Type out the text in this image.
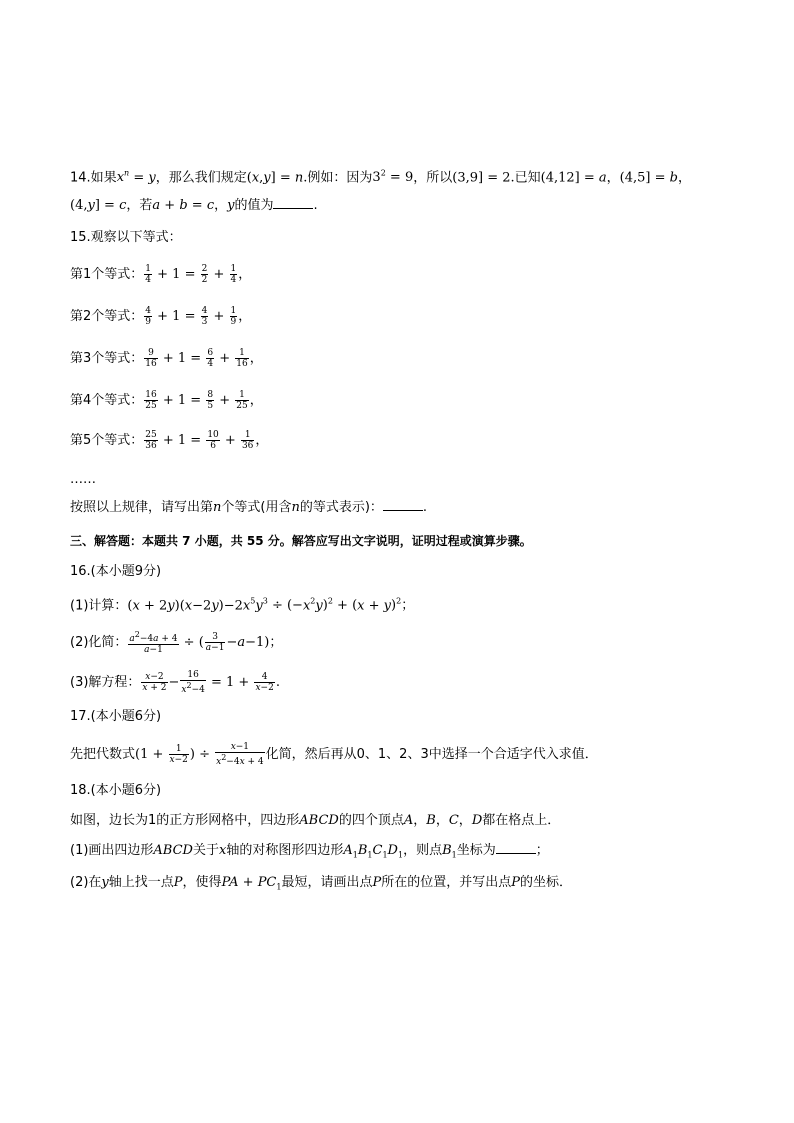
14.如果$x^n = y$，那么我们规定(x,y] = n.例如：因为$3^2 = 9$，所以(3,9] = 2.已知(4,12] = a，(4,5] = b，
(4,y] = c，若a + b = c，y的值为	.
15.观察以下等式：
第1个等式： $\frac{1}{4} + 1 = \frac{2}{2} + \frac{1}{4}$ ，
第2个等式： $\frac{4}{9} + 1 = \frac{4}{3} + \frac{1}{9}$ ，
第3个等式： $\frac{9}{16} + 1 = \frac{6}{4} + \frac{1}{16}$ ，
第4个等式： $\frac{16}{25} + 1 = \frac{8}{5} + \frac{1}{25}$ ，
第5个等式： $\frac{25}{36} + 1 = \frac{10}{6} + \frac{1}{36}$ ，
……
按照以上规律，请写出第n个等式(用含n的等式表示)：	.
三、解答题：本题共 7 小题，共 55 分。解答应写出文字说明，证明过程或演算步骤。
16.(本小题9分)
(1)计算：$(x + 2y)(x-2y)-2x^5y^3 \div (-x^2y)^2 + (x + y)^2$；
(2)化简： $\frac{a^2-4a + 4}{a-1}$ ÷ ( $\frac{3}{a-1} -a-1$)；
(3)解方程： $\frac{x-2}{x + 2} - \frac{16}{x^2-4} = 1 + \frac{4}{x-2}$ .
17.(本小题6分)
先把代数式($1 + \frac{1}{x-2}$ ) ÷ $\frac{x-1}{x^2-4x + 4}$ 化简，然后再从0、1、2、3中选择一个合适字代入求值．
18.(本小题6分)
如图，边长为1的正方形网格中，四边形ABCD的四个顶点A，B，C，D都在格点上．
(1)画出四边形ABCD关于x轴的对称图形四边形$A_1B_1C_1D_1$，则点$B_1$坐标为	；
(2)在y轴上找一点P，使得PA + $PC_1$最短，请画出点P所在的位置，并写出点P的坐标．
